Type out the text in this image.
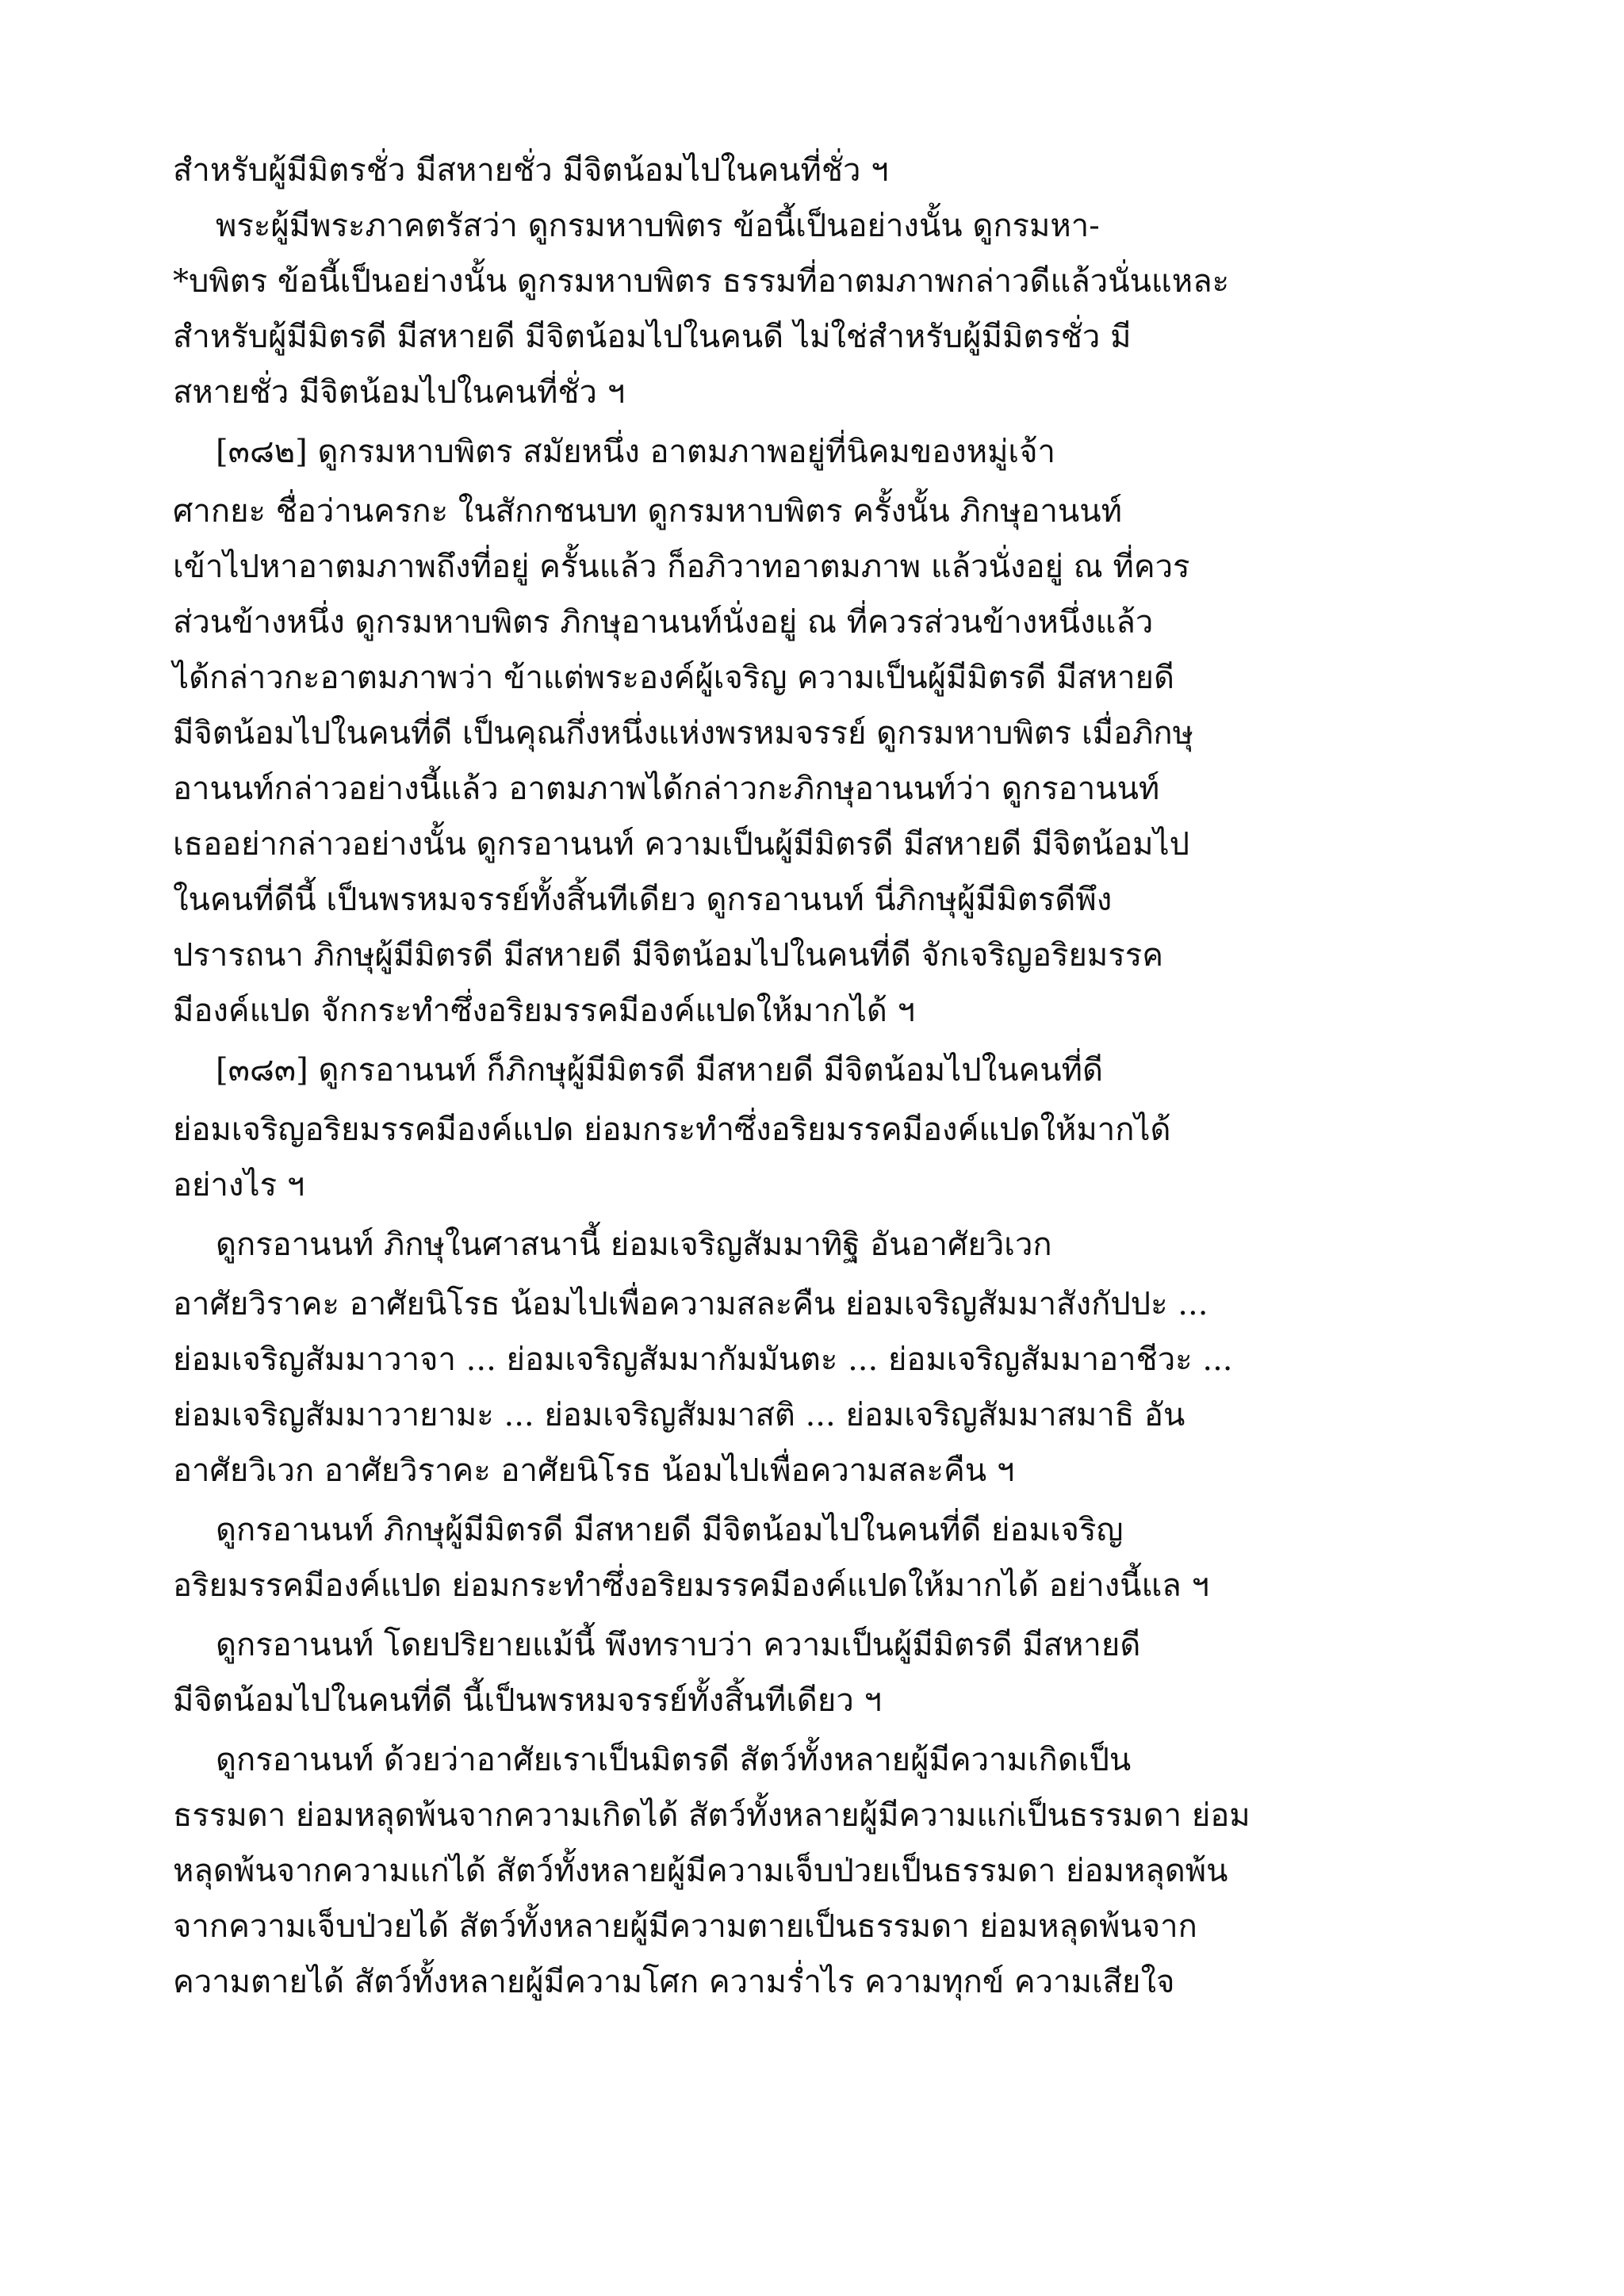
สำหรับผู้มีมิตรชั่ว มีสหายชั่ว มีจิตน้อมไปในคนที่ชั่ว ฯ
พระผู้มีพระภาคตรัสว่า ดูกรมหาบพิตร ข้อนี้เป็นอย่างนั้น ดูกรมหา-
*บพิตร ข้อนี้เป็นอย่างนั้น ดูกรมหาบพิตร ธรรมที่อาตมภาพกล่าวดีแล้วนั่นแหละ
สำหรับผู้มีมิตรดี มีสหายดี มีจิตน้อมไปในคนดี ไม่ใช่สำหรับผู้มีมิตรชั่ว มี
สหายชั่ว มีจิตน้อมไปในคนที่ชั่ว ฯ
[๓๘๒] ดูกรมหาบพิตร สมัยหนึ่ง อาตมภาพอยู่ที่นิคมของหมู่เจ้า
ศากยะ ชื่อว่านครกะ ในสักกชนบท ดูกรมหาบพิตร ครั้งนั้น ภิกษุอานนท์
เข้าไปหาอาตมภาพถึงที่อยู่ ครั้นแล้ว ก็อภิวาทอาตมภาพ แล้วนั่งอยู่ ณ ที่ควร
ส่วนข้างหนึ่ง ดูกรมหาบพิตร ภิกษุอานนท์นั่งอยู่ ณ ที่ควรส่วนข้างหนึ่งแล้ว
ได้กล่าวกะอาตมภาพว่า ข้าแต่พระองค์ผู้เจริญ ความเป็นผู้มีมิตรดี มีสหายดี
มีจิตน้อมไปในคนที่ดี เป็นคุณกึ่งหนึ่งแห่งพรหมจรรย์ ดูกรมหาบพิตร เมื่อภิกษุ
อานนท์กล่าวอย่างนี้แล้ว อาตมภาพได้กล่าวกะภิกษุอานนท์ว่า ดูกรอานนท์
เธออย่ากล่าวอย่างนั้น ดูกรอานนท์ ความเป็นผู้มีมิตรดี มีสหายดี มีจิตน้อมไป
ในคนที่ดีนี้ เป็นพรหมจรรย์ทั้งสิ้นทีเดียว ดูกรอานนท์ นี่ภิกษุผู้มีมิตรดีพึง
ปรารถนา ภิกษุผู้มีมิตรดี มีสหายดี มีจิตน้อมไปในคนที่ดี จักเจริญอริยมรรค
มีองค์แปด จักกระทำซึ่งอริยมรรคมีองค์แปดให้มากได้ ฯ
[๓๘๓] ดูกรอานนท์ ก็ภิกษุผู้มีมิตรดี มีสหายดี มีจิตน้อมไปในคนที่ดี
ย่อมเจริญอริยมรรคมีองค์แปด ย่อมกระทำซึ่งอริยมรรคมีองค์แปดให้มากได้
อย่างไร ฯ
ดูกรอานนท์ ภิกษุในศาสนานี้ ย่อมเจริญสัมมาทิฐิ อันอาศัยวิเวก
อาศัยวิราคะ อาศัยนิโรธ น้อมไปเพื่อความสละคืน ย่อมเจริญสัมมาสังกัปปะ ...
ย่อมเจริญสัมมาวาจา ... ย่อมเจริญสัมมากัมมันตะ ... ย่อมเจริญสัมมาอาชีวะ ...
ย่อมเจริญสัมมาวายามะ ... ย่อมเจริญสัมมาสติ ... ย่อมเจริญสัมมาสมาธิ อัน
อาศัยวิเวก อาศัยวิราคะ อาศัยนิโรธ น้อมไปเพื่อความสละคืน ฯ
ดูกรอานนท์ ภิกษุผู้มีมิตรดี มีสหายดี มีจิตน้อมไปในคนที่ดี ย่อมเจริญ
อริยมรรคมีองค์แปด ย่อมกระทำซึ่งอริยมรรคมีองค์แปดให้มากได้ อย่างนี้แล ฯ
ดูกรอานนท์ โดยปริยายแม้นี้ พึงทราบว่า ความเป็นผู้มีมิตรดี มีสหายดี
มีจิตน้อมไปในคนที่ดี นี้เป็นพรหมจรรย์ทั้งสิ้นทีเดียว ฯ
ดูกรอานนท์ ด้วยว่าอาศัยเราเป็นมิตรดี สัตว์ทั้งหลายผู้มีความเกิดเป็น
ธรรมดา ย่อมหลุดพ้นจากความเกิดได้ สัตว์ทั้งหลายผู้มีความแก่เป็นธรรมดา ย่อม
หลุดพ้นจากความแก่ได้ สัตว์ทั้งหลายผู้มีความเจ็บป่วยเป็นธรรมดา ย่อมหลุดพ้น
จากความเจ็บป่วยได้ สัตว์ทั้งหลายผู้มีความตายเป็นธรรมดา ย่อมหลุดพ้นจาก
ความตายได้ สัตว์ทั้งหลายผู้มีความโศก ความร่ำไร ความทุกข์ ความเสียใจ
